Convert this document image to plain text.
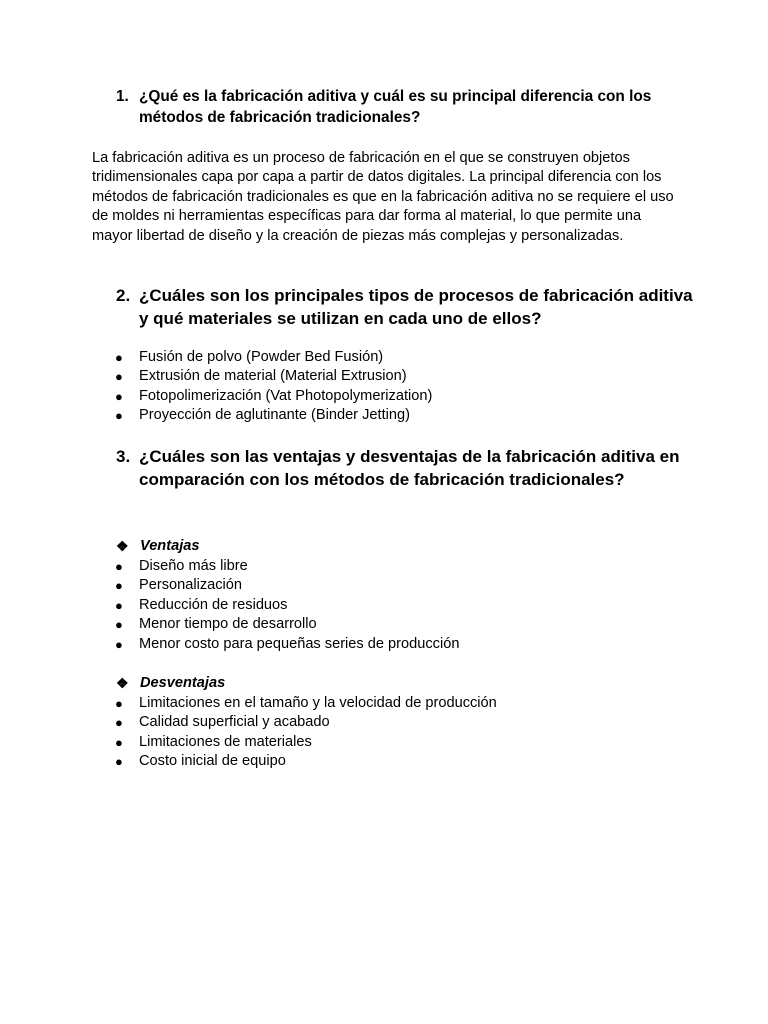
1. ¿Qué es la fabricación aditiva y cuál es su principal diferencia con los métodos de fabricación tradicionales?
La fabricación aditiva es un proceso de fabricación en el que se construyen objetos tridimensionales capa por capa a partir de datos digitales. La principal diferencia con los métodos de fabricación tradicionales es que en la fabricación aditiva no se requiere el uso de moldes ni herramientas específicas para dar forma al material, lo que permite una mayor libertad de diseño y la creación de piezas más complejas y personalizadas.
2. ¿Cuáles son los principales tipos de procesos de fabricación aditiva y qué materiales se utilizan en cada uno de ellos?
● Fusión de polvo (Powder Bed Fusión)
● Extrusión de material (Material Extrusion)
● Fotopolimerización (Vat Photopolymerization)
● Proyección de aglutinante (Binder Jetting)
3. ¿Cuáles son las ventajas y desventajas de la fabricación aditiva en comparación con los métodos de fabricación tradicionales?
❖ Ventajas
● Diseño más libre
● Personalización
● Reducción de residuos
● Menor tiempo de desarrollo
● Menor costo para pequeñas series de producción
❖ Desventajas
● Limitaciones en el tamaño y la velocidad de producción
● Calidad superficial y acabado
● Limitaciones de materiales
● Costo inicial de equipo
